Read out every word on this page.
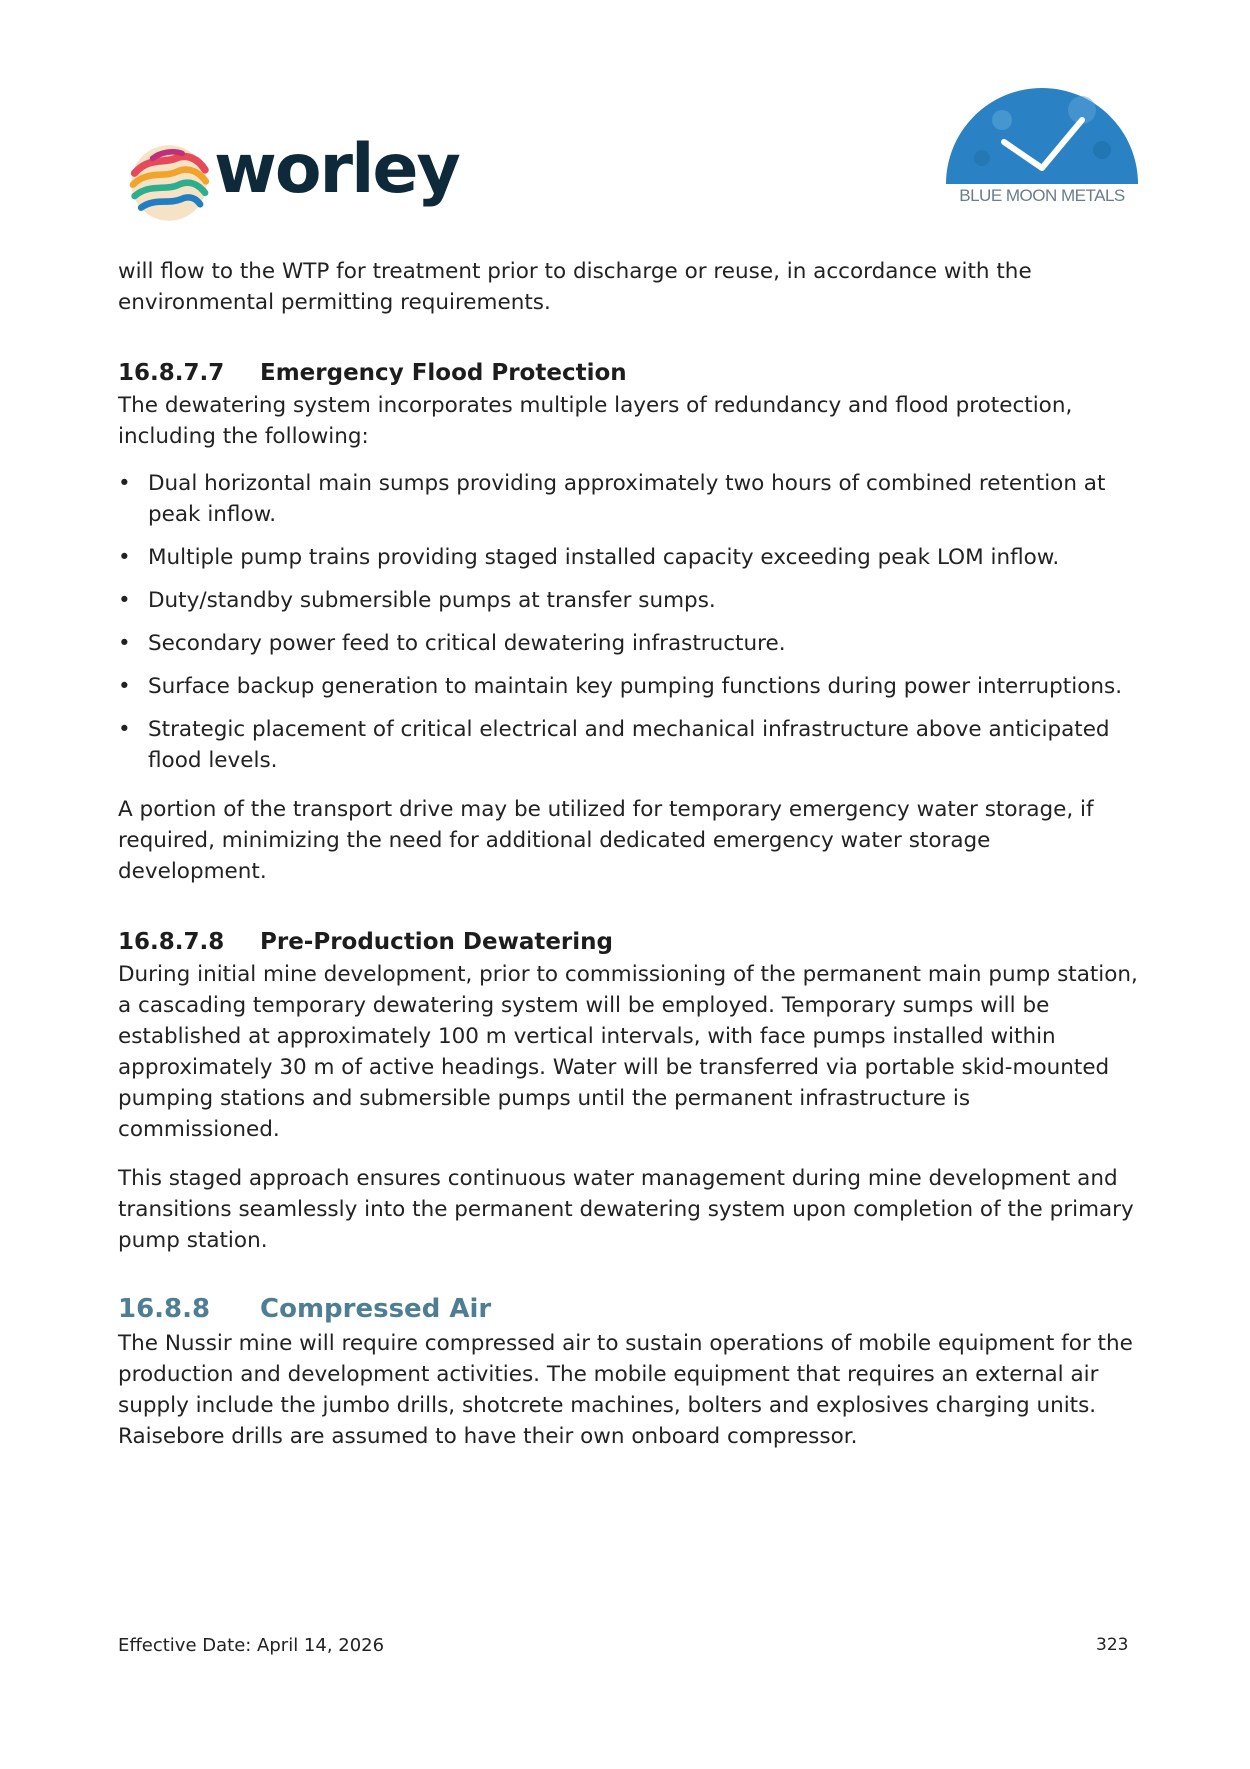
worley	BLUE MOON METALS

will flow to the WTP for treatment prior to discharge or reuse, in accordance with the environmental permitting requirements.

16.8.7.7	Emergency Flood Protection

The dewatering system incorporates multiple layers of redundancy and flood protection, including the following:

• Dual horizontal main sumps providing approximately two hours of combined retention at peak inflow.
• Multiple pump trains providing staged installed capacity exceeding peak LOM inflow.
• Duty/standby submersible pumps at transfer sumps.
• Secondary power feed to critical dewatering infrastructure.
• Surface backup generation to maintain key pumping functions during power interruptions.
• Strategic placement of critical electrical and mechanical infrastructure above anticipated flood levels.

A portion of the transport drive may be utilized for temporary emergency water storage, if required, minimizing the need for additional dedicated emergency water storage development.

16.8.7.8	Pre-Production Dewatering

During initial mine development, prior to commissioning of the permanent main pump station, a cascading temporary dewatering system will be employed. Temporary sumps will be established at approximately 100 m vertical intervals, with face pumps installed within approximately 30 m of active headings. Water will be transferred via portable skid-mounted pumping stations and submersible pumps until the permanent infrastructure is commissioned.

This staged approach ensures continuous water management during mine development and transitions seamlessly into the permanent dewatering system upon completion of the primary pump station.

16.8.8	Compressed Air

The Nussir mine will require compressed air to sustain operations of mobile equipment for the production and development activities. The mobile equipment that requires an external air supply include the jumbo drills, shotcrete machines, bolters and explosives charging units. Raisebore drills are assumed to have their own onboard compressor.

Effective Date: April 14, 2026	323
